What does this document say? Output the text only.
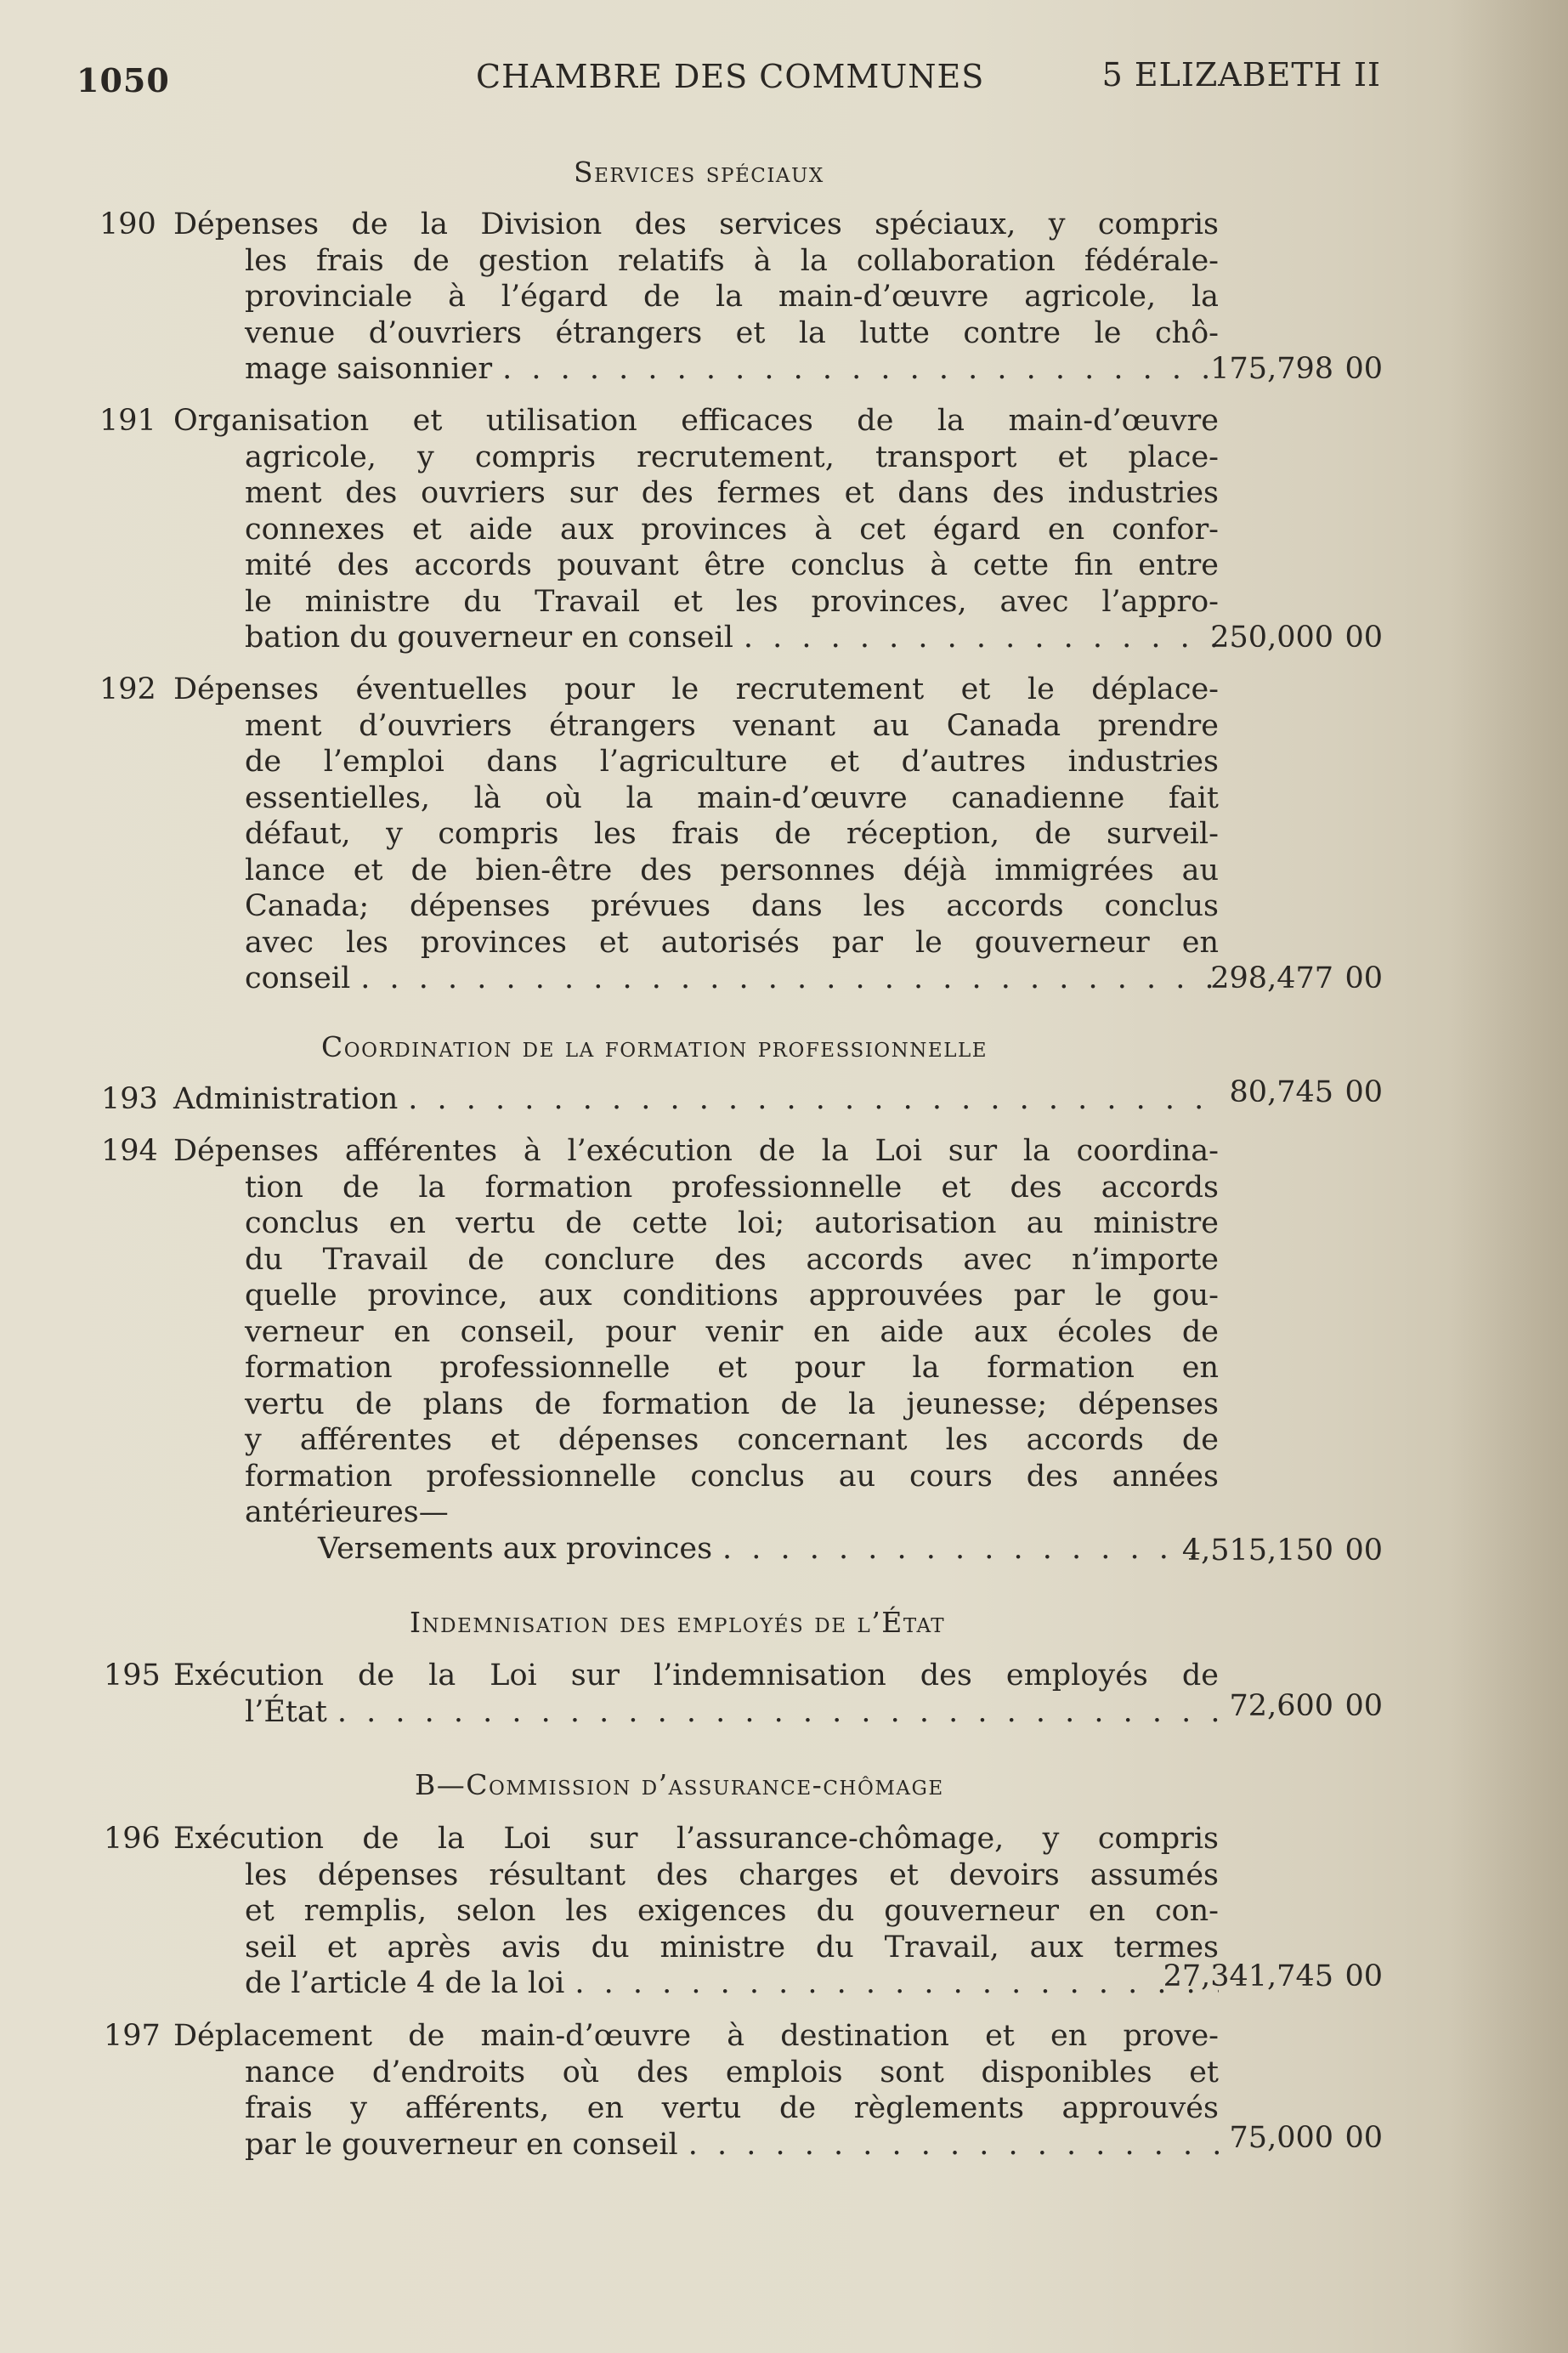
1050	CHAMBRE DES COMMUNES	5 ELIZABETH II
Services spéciaux
190 Dépenses de la Division des services spéciaux, y compris
les frais de gestion relatifs à la collaboration fédérale-
provinciale à l’égard de la main-d’œuvre agricole, la
venue d’ouvriers étrangers et la lutte contre le chô-
mage saisonnier . . .	175,798 00
191 Organisation et utilisation efficaces de la main-d’œuvre
agricole, y compris recrutement, transport et place-
ment des ouvriers sur des fermes et dans des industries
connexes et aide aux provinces à cet égard en confor-
mité des accords pouvant être conclus à cette fin entre
le ministre du Travail et les provinces, avec l’appro-
bation du gouverneur en conseil . . .	250,000 00
192 Dépenses éventuelles pour le recrutement et le déplace-
ment d’ouvriers étrangers venant au Canada prendre
de l’emploi dans l’agriculture et d’autres industries
essentielles, là où la main-d’œuvre canadienne fait
défaut, y compris les frais de réception, de surveil-
lance et de bien-être des personnes déjà immigrées au
Canada; dépenses prévues dans les accords conclus
avec les provinces et autorisés par le gouverneur en
conseil . . .	298,477 00
Coordination de la formation professionnelle
193 Administration . . .	80,745 00
194 Dépenses afférentes à l’exécution de la Loi sur la coordina-
tion de la formation professionnelle et des accords
conclus en vertu de cette loi; autorisation au ministre
du Travail de conclure des accords avec n’importe
quelle province, aux conditions approuvées par le gou-
verneur en conseil, pour venir en aide aux écoles de
formation professionnelle et pour la formation en
vertu de plans de formation de la jeunesse; dépenses
y afférentes et dépenses concernant les accords de
formation professionnelle conclus au cours des années
antérieures—
Versements aux provinces . . .	4,515,150 00
Indemnisation des employés de l’État
195 Exécution de la Loi sur l’indemnisation des employés de
l’État . . .	72,600 00
B—Commission d’assurance-chômage
196 Exécution de la Loi sur l’assurance-chômage, y compris
les dépenses résultant des charges et devoirs assumés
et remplis, selon les exigences du gouverneur en con-
seil et après avis du ministre du Travail, aux termes
de l’article 4 de la loi . . .	27,341,745 00
197 Déplacement de main-d’œuvre à destination et en prove-
nance d’endroits où des emplois sont disponibles et
frais y afférents, en vertu de règlements approuvés
par le gouverneur en conseil . . .	75,000 00
